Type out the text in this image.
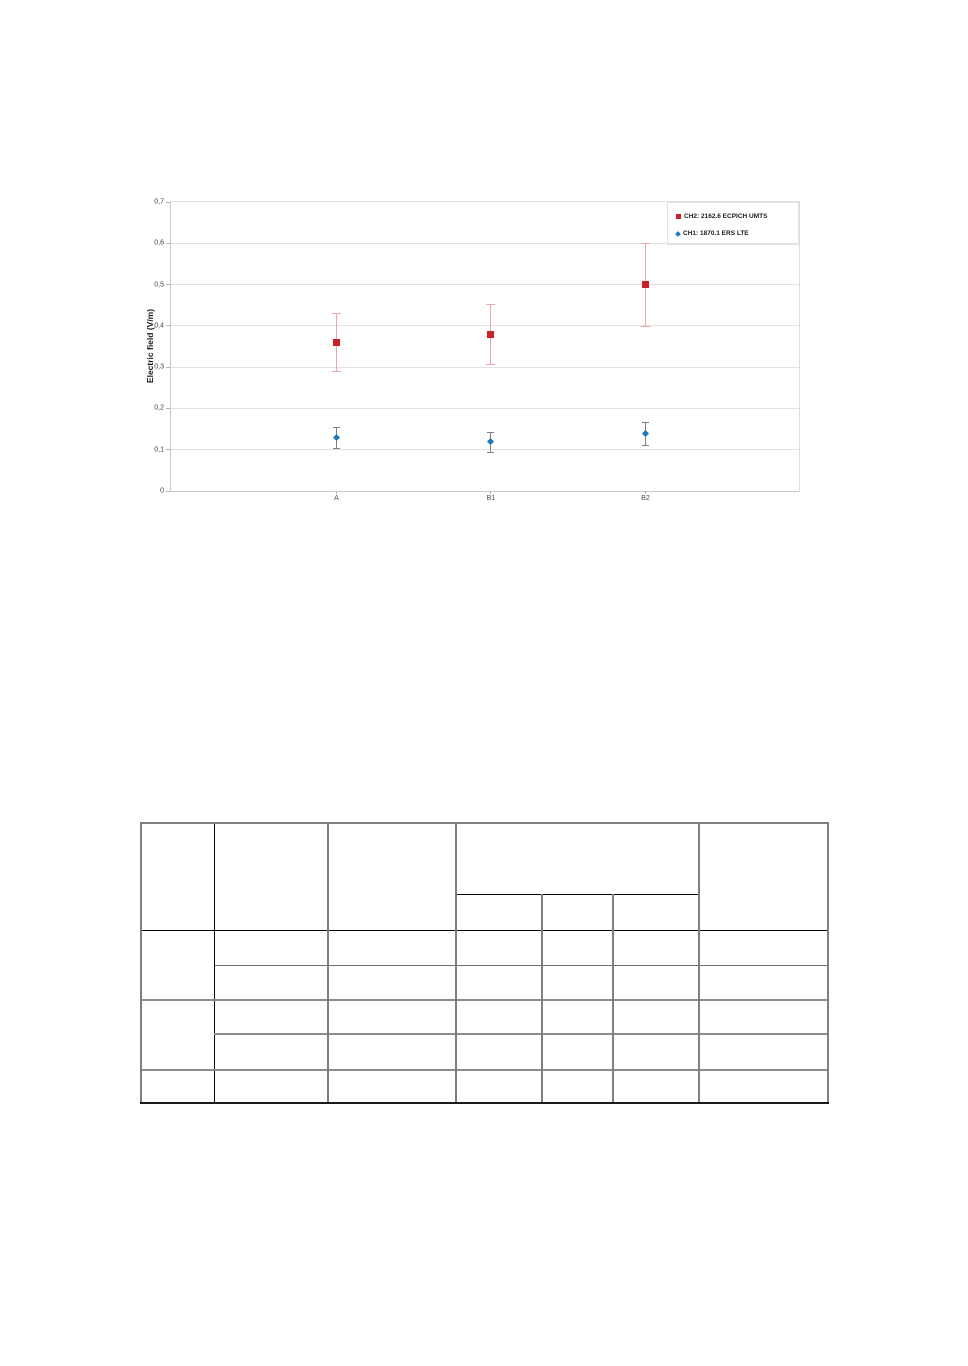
Electric field (V/m)
CH2: 2162.6 ECPICH UMTS
CH1: 1870.1 ERS LTE
0
0,1
0,2
0,3
0,4
0,5
0,6
0,7
A	B1	B2
